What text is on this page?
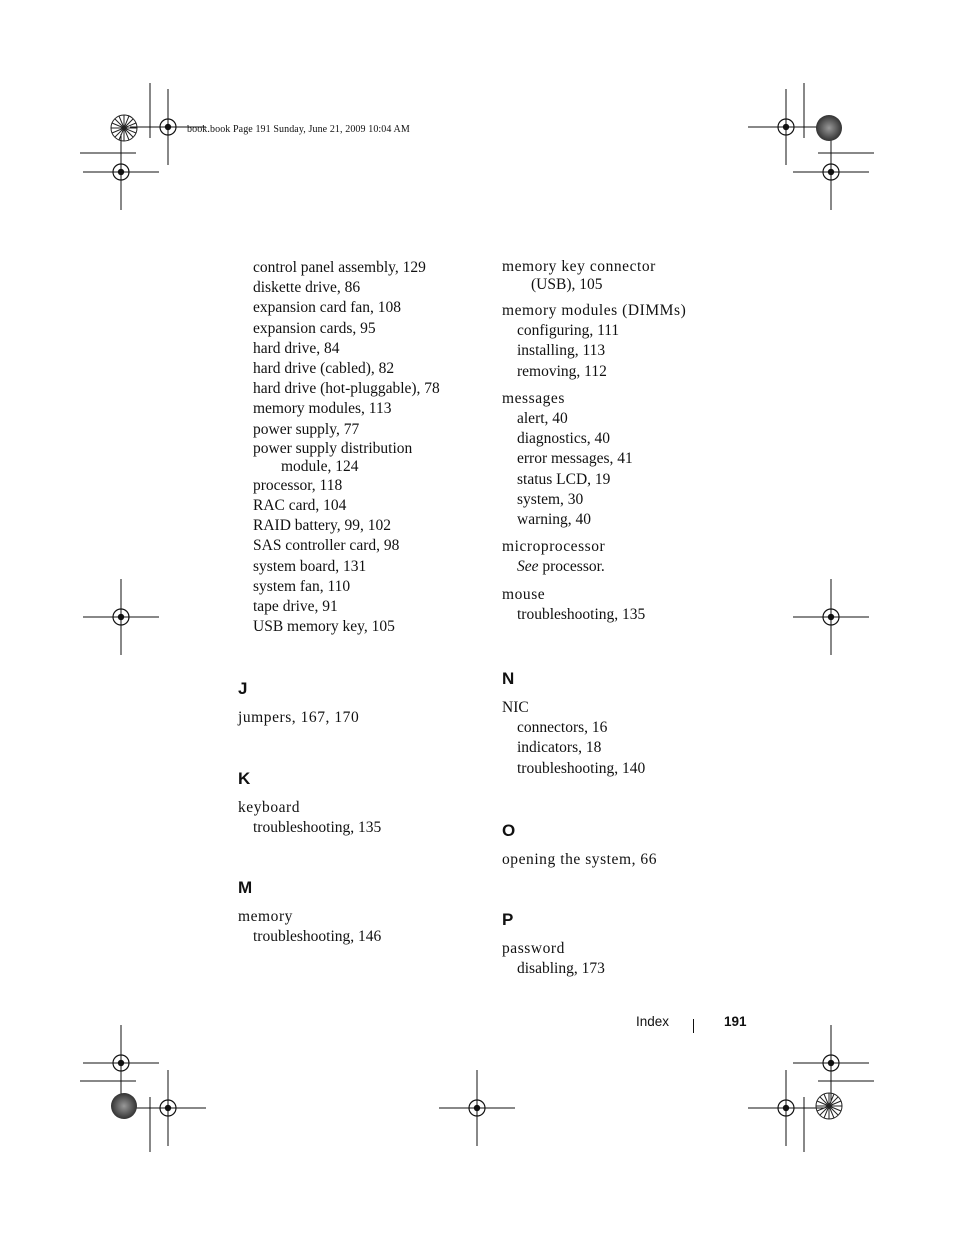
book.book Page 191 Sunday, June 21, 2009 10:04 AM
control panel assembly, 129
diskette drive, 86
expansion card fan, 108
expansion cards, 95
hard drive, 84
hard drive (cabled), 82
hard drive (hot-pluggable), 78
memory modules, 113
power supply, 77
power supply distribution
module, 124
processor, 118
RAC card, 104
RAID battery, 99, 102
SAS controller card, 98
system board, 131
system fan, 110
tape drive, 91
USB memory key, 105
J
jumpers, 167, 170
K
keyboard
troubleshooting, 135
M
memory
troubleshooting, 146
memory key connector
(USB), 105
memory modules (DIMMs)
configuring, 111
installing, 113
removing, 112
messages
alert, 40
diagnostics, 40
error messages, 41
status LCD, 19
system, 30
warning, 40
microprocessor
See processor.
mouse
troubleshooting, 135
N
NIC
connectors, 16
indicators, 18
troubleshooting, 140
O
opening the system, 66
P
password
disabling, 173
Index	191
